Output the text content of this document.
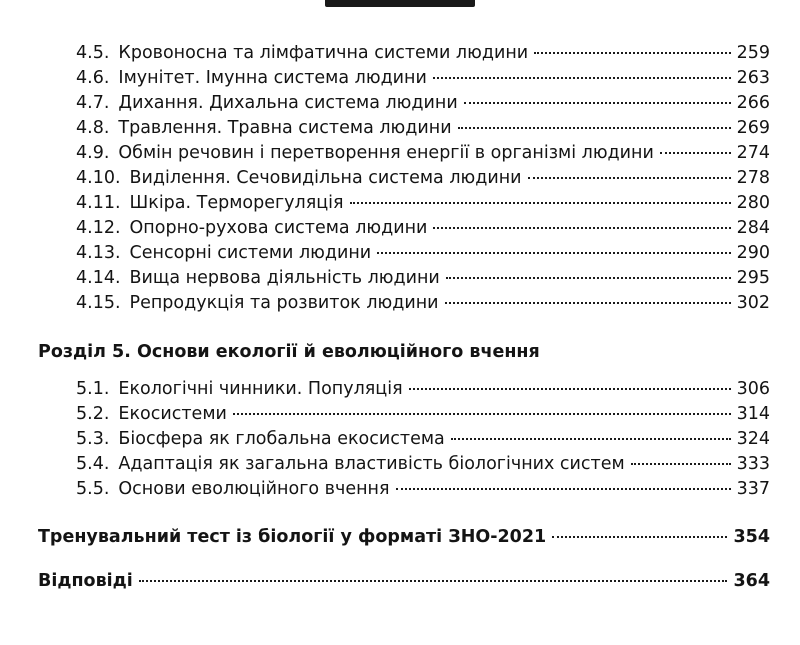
4.5. Кровоносна та лімфатична системи людини	259
4.6. Імунітет. Імунна система людини	263
4.7. Дихання. Дихальна система людини	266
4.8. Травлення. Травна система людини	269
4.9. Обмін речовин і перетворення енергії в організмі людини	274
4.10. Виділення. Сечовидільна система людини	278
4.11. Шкіра. Терморегуляція	280
4.12. Опорно-рухова система людини	284
4.13. Сенсорні системи людини	290
4.14. Вища нервова діяльність людини	295
4.15. Репродукція та розвиток людини	302
Розділ 5. Основи екології й еволюційного вчення
5.1. Екологічні чинники. Популяція	306
5.2. Екосистеми	314
5.3. Біосфера як глобальна екосистема	324
5.4. Адаптація як загальна властивість біологічних систем	333
5.5. Основи еволюційного вчення	337
Тренувальний тест із біології у форматі ЗНО-2021	354
Відповіді	364
